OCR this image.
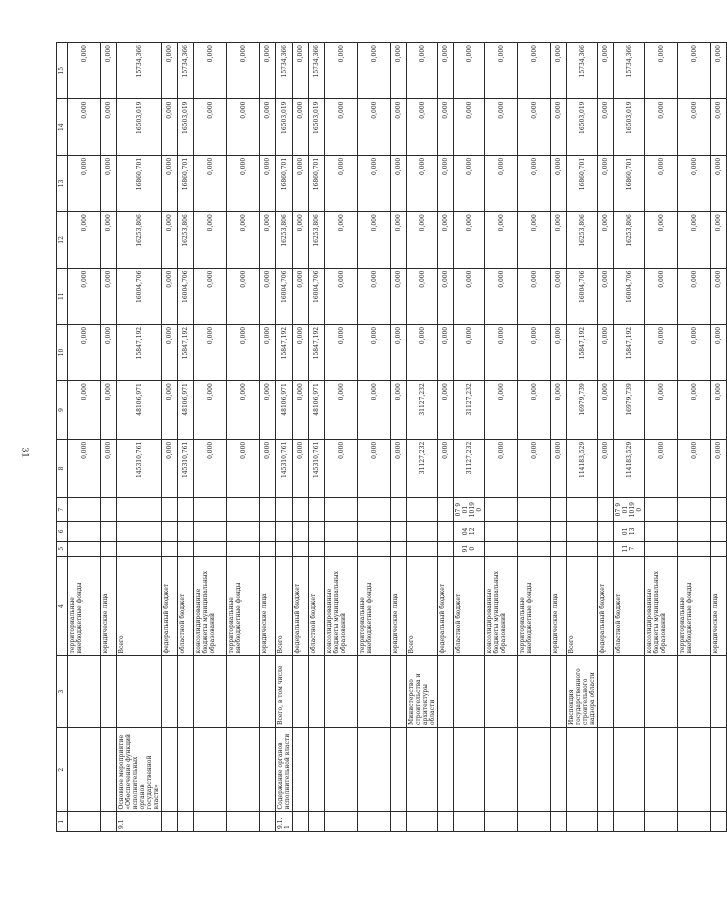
31
1	2	3	4	5	6	7	8	9	10	11	12	13	14	15
			территориальные внебюджетные фонды				0,000	0,000	0,000	0,000	0,000	0,000	0,000	0,000
			юридические лица				0,000	0,000	0,000	0,000	0,000	0,000	0,000	0,000
9.1	Основное мероприятие «Обеспечение функций исполнительных органов государственной власти»		Всего				145310,761	48106,971	15847,192	16004,706	16253,806	16860,701	16503,019	15734,366
			федеральный бюджет				0,000	0,000	0,000	0,000	0,000	0,000	0,000	0,000
			областной бюджет				145310,761	48106,971	15847,192	16004,706	16253,806	16860,701	16503,019	15734,366
			консолидированные бюджеты муниципальных образований				0,000	0,000	0,000	0,000	0,000	0,000	0,000	0,000
			территориальные внебюджетные фонды				0,000	0,000	0,000	0,000	0,000	0,000	0,000	0,000
			юридические лица				0,000	0,000	0,000	0,000	0,000	0,000	0,000	0,000
9.1.1	Содержание органов исполнительной власти	Всего, в том числе	Всего				145310,761	48106,971	15847,192	16004,706	16253,806	16860,701	16503,019	15734,366
			федеральный бюджет				0,000	0,000	0,000	0,000	0,000	0,000	0,000	0,000
			областной бюджет				145310,761	48106,971	15847,192	16004,706	16253,806	16860,701	16503,019	15734,366
			консолидированные бюджеты муниципальных образований				0,000	0,000	0,000	0,000	0,000	0,000	0,000	0,000
			территориальные внебюджетные фонды				0,000	0,000	0,000	0,000	0,000	0,000	0,000	0,000
			юридические лица				0,000	0,000	0,000	0,000	0,000	0,000	0,000	0,000
		Министерство строительства и архитектуры области	Всего				31127,232	31127,232	0,000	0,000	0,000	0,000	0,000	0,000
			федеральный бюджет				0,000	0,000	0,000	0,000	0,000	0,000	0,000	0,000
			областной бюджет	910	04 12	07 9 01 10190	31127,232	31127,232	0,000	0,000	0,000	0,000	0,000	0,000
			консолидированные бюджеты муниципальных образований				0,000	0,000	0,000	0,000	0,000	0,000	0,000	0,000
			территориальные внебюджетные фонды				0,000	0,000	0,000	0,000	0,000	0,000	0,000	0,000
			юридические лица				0,000	0,000	0,000	0,000	0,000	0,000	0,000	0,000
		Инспекция государственного строительного надзора области	Всего				114183,529	16979,739	15847,192	16004,706	16253,806	16860,701	16503,019	15734,366
			федеральный бюджет				0,000	0,000	0,000	0,000	0,000	0,000	0,000	0,000
			областной бюджет	117	01 13	07 9 01 10190	114183,529	16979,739	15847,192	16004,706	16253,806	16860,701	16503,019	15734,366
			консолидированные бюджеты муниципальных образований				0,000	0,000	0,000	0,000	0,000	0,000	0,000	0,000
			территориальные внебюджетные фонды				0,000	0,000	0,000	0,000	0,000	0,000	0,000	0,000
			юридические лица				0,000	0,000	0,000	0,000	0,000	0,000	0,000	0,000
